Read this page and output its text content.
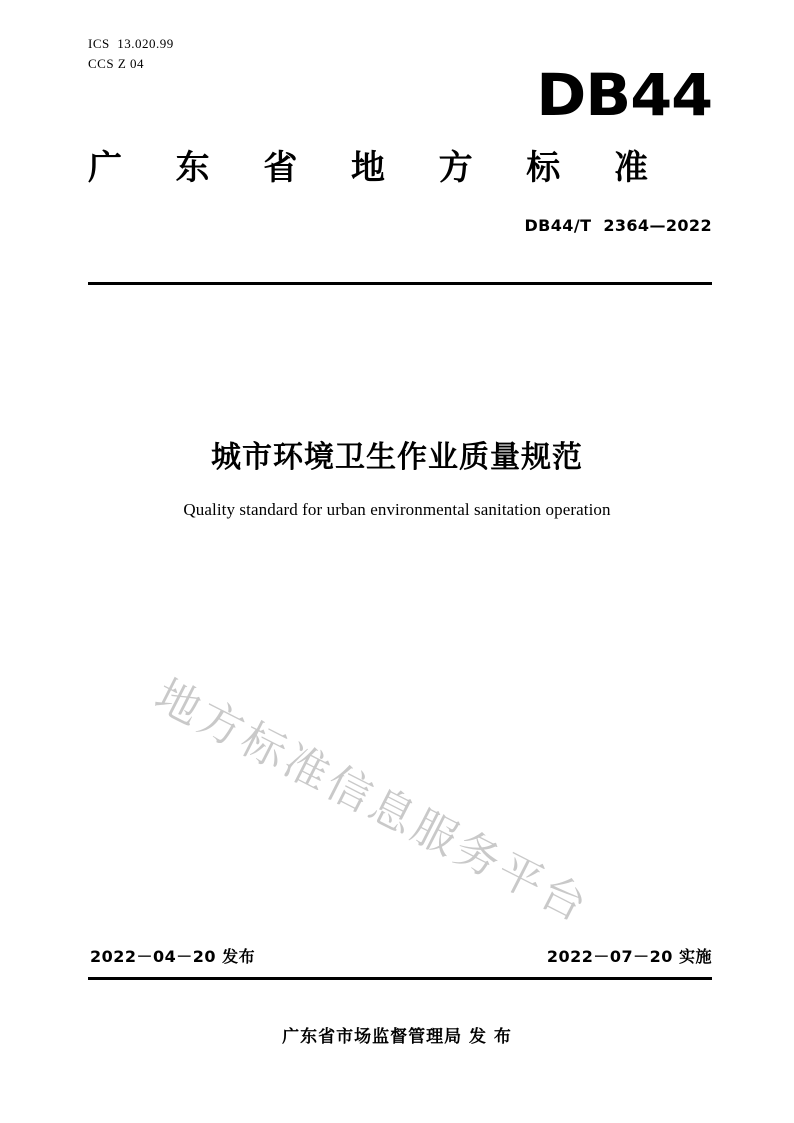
ICS  13.020.99
CCS Z 04	DB44
广 东 省 地 方 标 准
DB44/T  2364—2022
城市环境卫生作业质量规范
Quality standard for urban environmental sanitation operation
地方标准信息服务平台
2022－04－20 发布	2022－07－20 实施
广东省市场监督管理局 发 布
